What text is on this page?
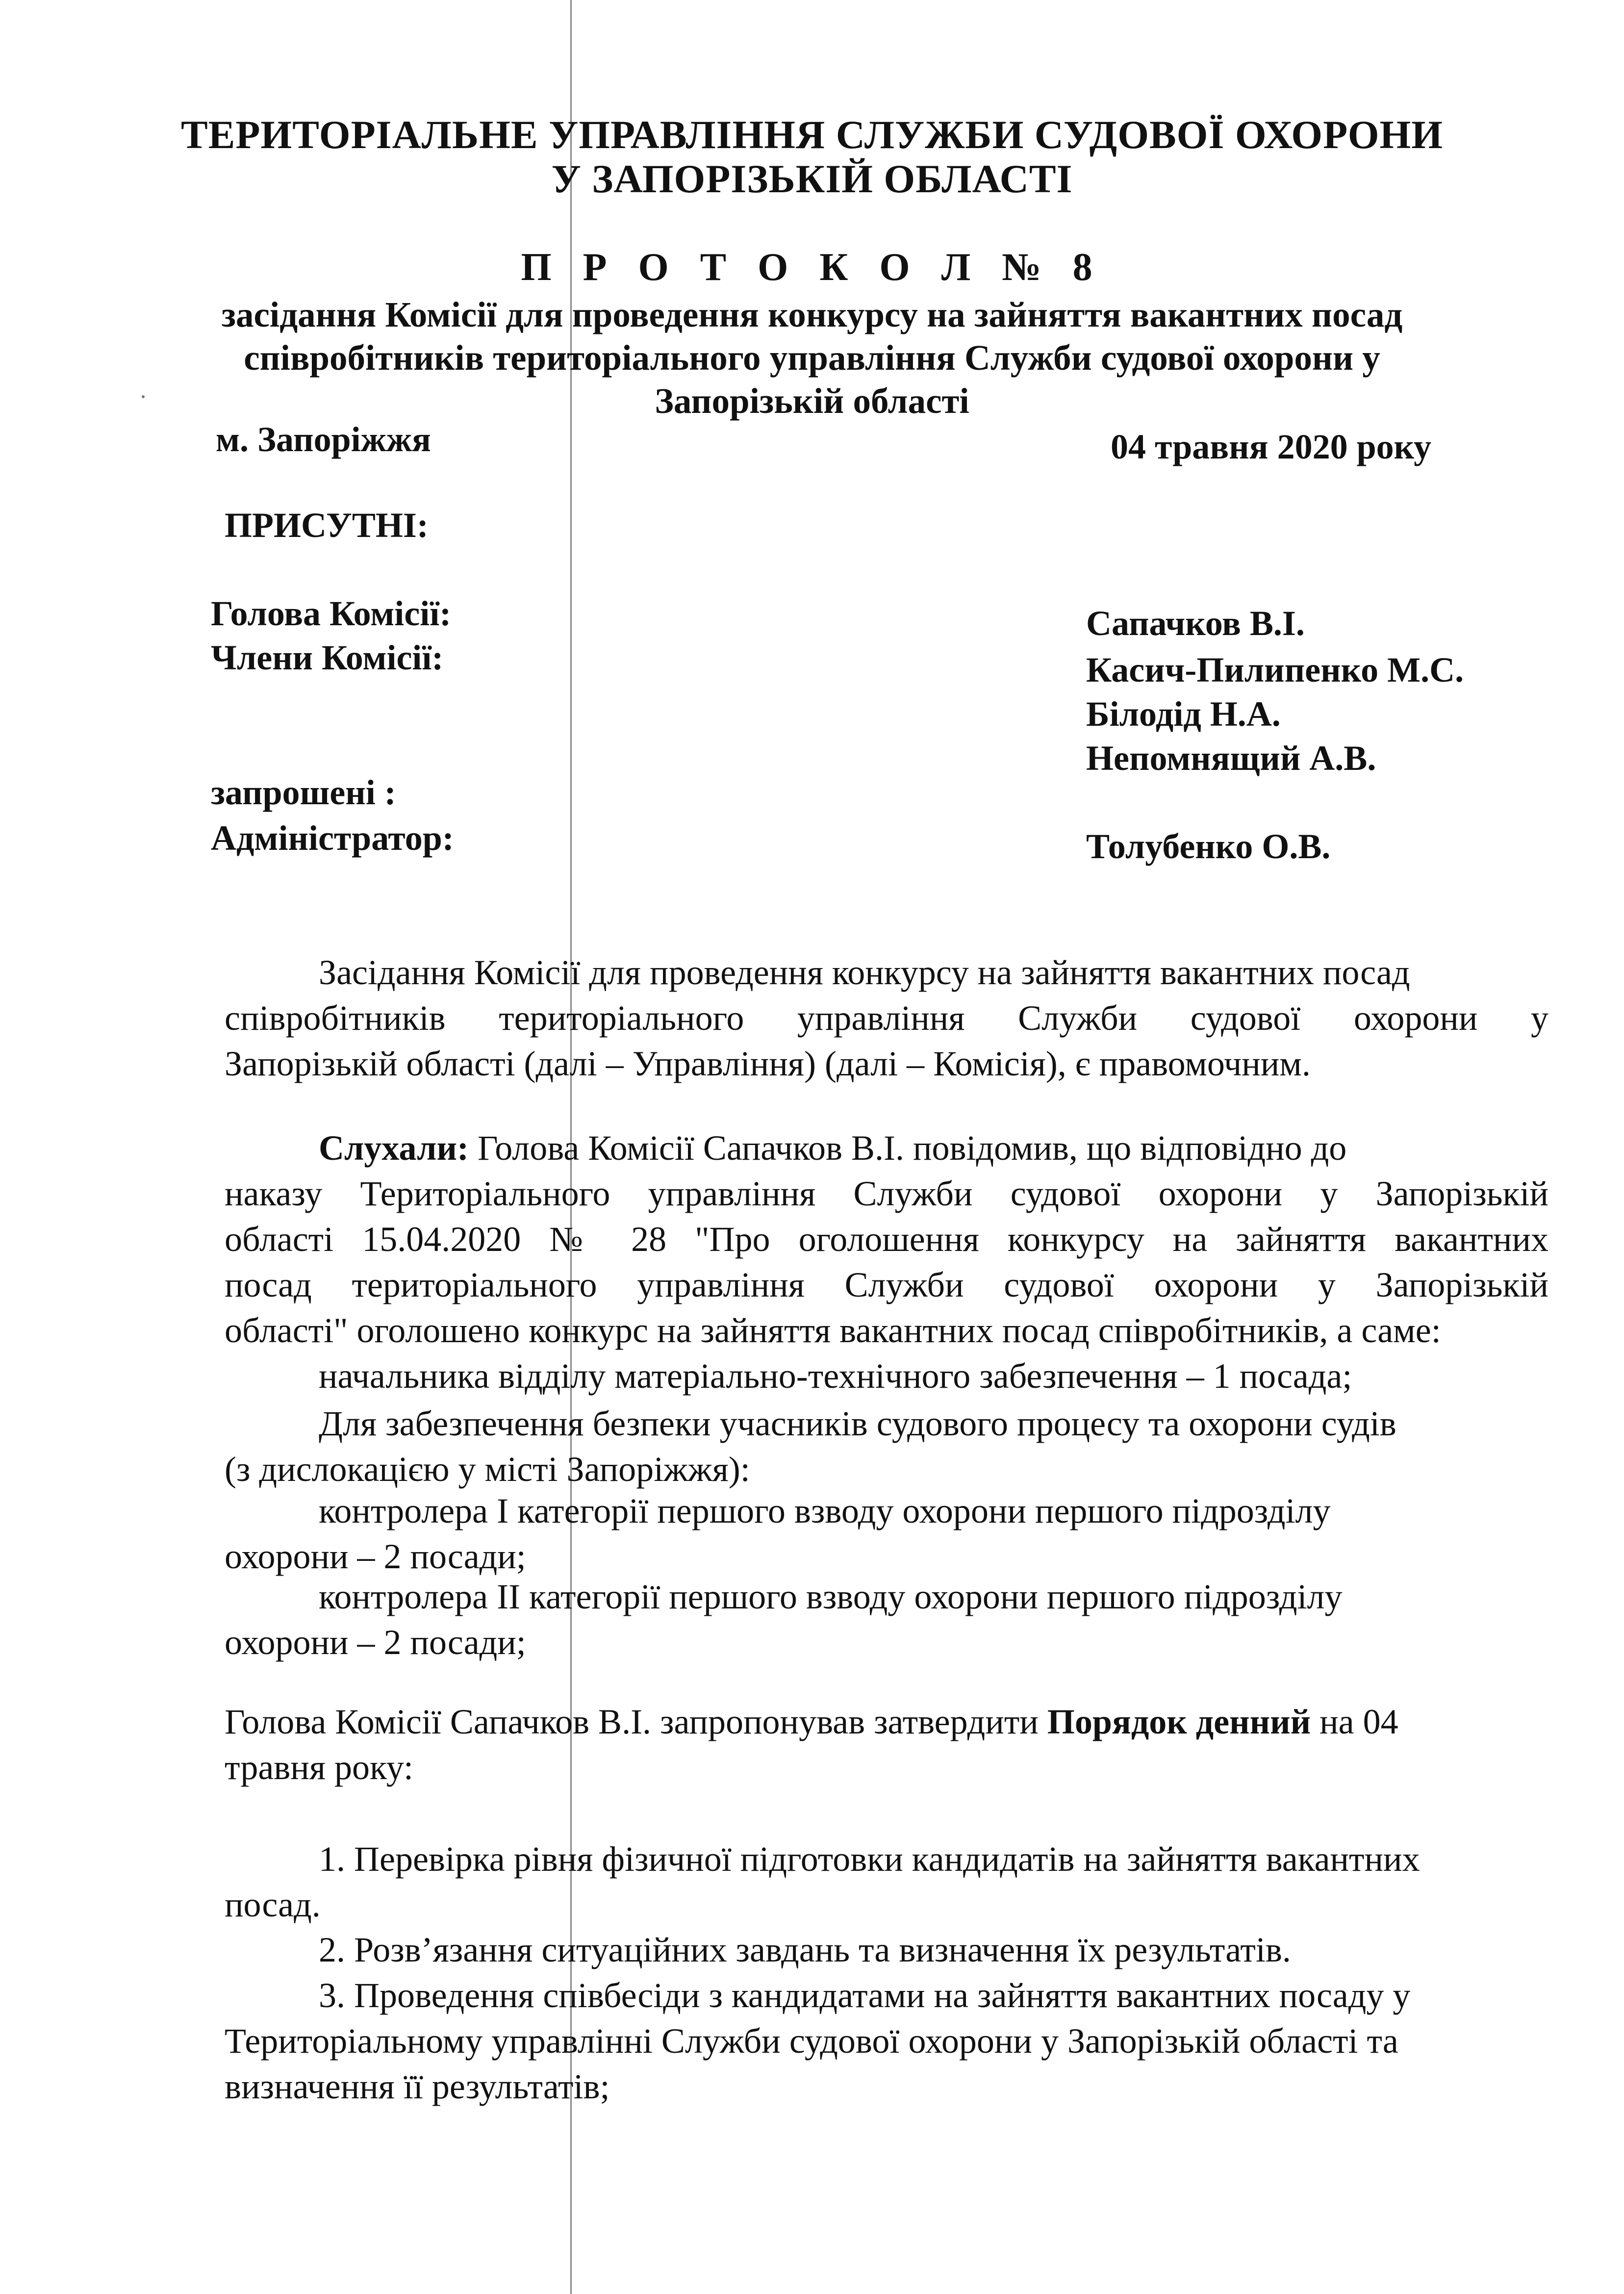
ТЕРИТОРІАЛЬНЕ УПРАВЛІННЯ СЛУЖБИ СУДОВОЇ ОХОРОНИ
У ЗАПОРІЗЬКІЙ ОБЛАСТІ
П Р О Т О К О Л № 8
засідання Комісії для проведення конкурсу на зайняття вакантних посад
співробітників територіального управління Служби судової охорони у
Запорізькій області
м. Запоріжжя	04 травня 2020 року
ПРИСУТНІ:
Голова Комісії:
Члени Комісії:
запрошені :
Адміністратор:
Сапачков В.І.
Касич-Пилипенко М.С.
Білодід Н.А.
Непомнящий А.В.
Толубенко О.В.
Засідання Комісії для проведення конкурсу на зайняття вакантних посад
співробітників територіального управління Служби судової охорони у
Запорізькій області (далі – Управління) (далі – Комісія), є правомочним.
Слухали: Голова Комісії Сапачков В.І. повідомив, що відповідно до
наказу Територіального управління Служби судової охорони у Запорізькій
області 15.04.2020 № 28 "Про оголошення конкурсу на зайняття вакантних
посад територіального управління Служби судової охорони у Запорізькій
області" оголошено конкурс на зайняття вакантних посад співробітників, а саме:
начальника відділу матеріально-технічного забезпечення – 1 посада;
Для забезпечення безпеки учасників судового процесу та охорони судів
(з дислокацією у місті Запоріжжя):
контролера І категорії першого взводу охорони першого підрозділу
охорони – 2 посади;
контролера ІІ категорії першого взводу охорони першого підрозділу
охорони – 2 посади;
Голова Комісії Сапачков В.І. запропонував затвердити Порядок денний на 04
травня року:
1. Перевірка рівня фізичної підготовки кандидатів на зайняття вакантних
посад.
2. Розв’язання ситуаційних завдань та визначення їх результатів.
3. Проведення співбесіди з кандидатами на зайняття вакантних посаду у
Територіальному управлінні Служби судової охорони у Запорізькій області та
визначення її результатів;
